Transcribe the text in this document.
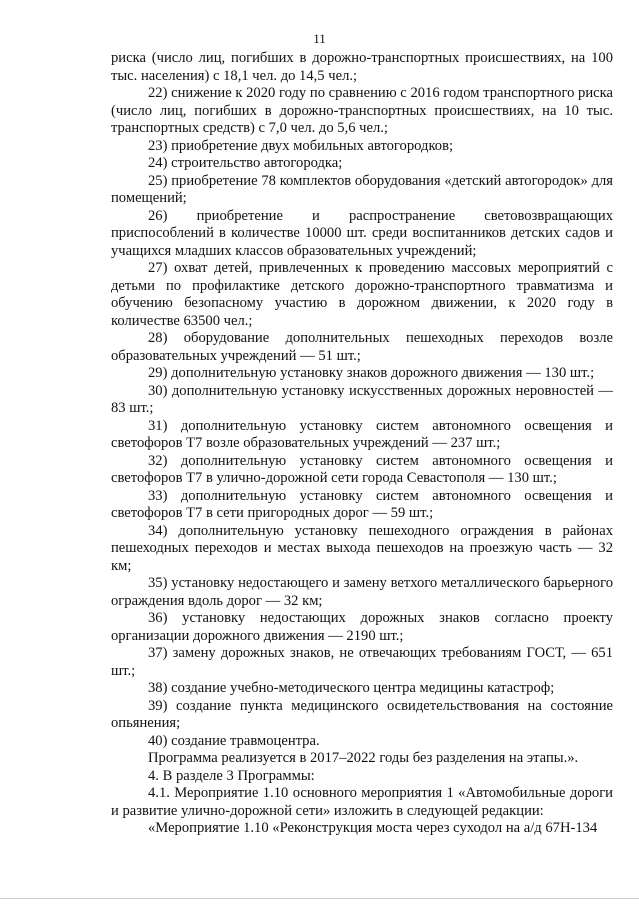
11

риска (число лиц, погибших в дорожно-транспортных происшествиях, на 100 тыс. населения) с 18,1 чел. до 14,5 чел.;

22) снижение к 2020 году по сравнению с 2016 годом транспортного риска (число лиц, погибших в дорожно-транспортных происшествиях, на 10 тыс. транспортных средств) с 7,0 чел. до 5,6 чел.;

23) приобретение двух мобильных автогородков;

24) строительство автогородка;

25) приобретение 78 комплектов оборудования «детский автогородок» для помещений;

26) приобретение и распространение световозвращающих приспособлений в количестве 10000 шт. среди воспитанников детских садов и учащихся младших классов образовательных учреждений;

27) охват детей, привлеченных к проведению массовых мероприятий с детьми по профилактике детского дорожно-транспортного травматизма и обучению безопасному участию в дорожном движении, к 2020 году в количестве 63500 чел.;

28) оборудование дополнительных пешеходных переходов возле образовательных учреждений — 51 шт.;

29) дополнительную установку знаков дорожного движения — 130 шт.;

30) дополнительную установку искусственных дорожных неровностей — 83 шт.;

31) дополнительную установку систем автономного освещения и светофоров Т7 возле образовательных учреждений — 237 шт.;

32) дополнительную установку систем автономного освещения и светофоров Т7 в улично-дорожной сети города Севастополя — 130 шт.;

33) дополнительную установку систем автономного освещения и светофоров Т7 в сети пригородных дорог — 59 шт.;

34) дополнительную установку пешеходного ограждения в районах пешеходных переходов и местах выхода пешеходов на проезжую часть — 32 км;

35) установку недостающего и замену ветхого металлического барьерного ограждения вдоль дорог — 32 км;

36) установку недостающих дорожных знаков согласно проекту организации дорожного движения — 2190 шт.;

37) замену дорожных знаков, не отвечающих требованиям ГОСТ, — 651 шт.;

38) создание учебно-методического центра медицины катастроф;

39) создание пункта медицинского освидетельствования на состояние опьянения;

40) создание травмоцентра.

Программа реализуется в 2017–2022 годы без разделения на этапы.».

4. В разделе 3 Программы:

4.1. Мероприятие 1.10 основного мероприятия 1 «Автомобильные дороги и развитие улично-дорожной сети» изложить в следующей редакции:

«Мероприятие 1.10 «Реконструкция моста через суходол на а/д 67Н-134
